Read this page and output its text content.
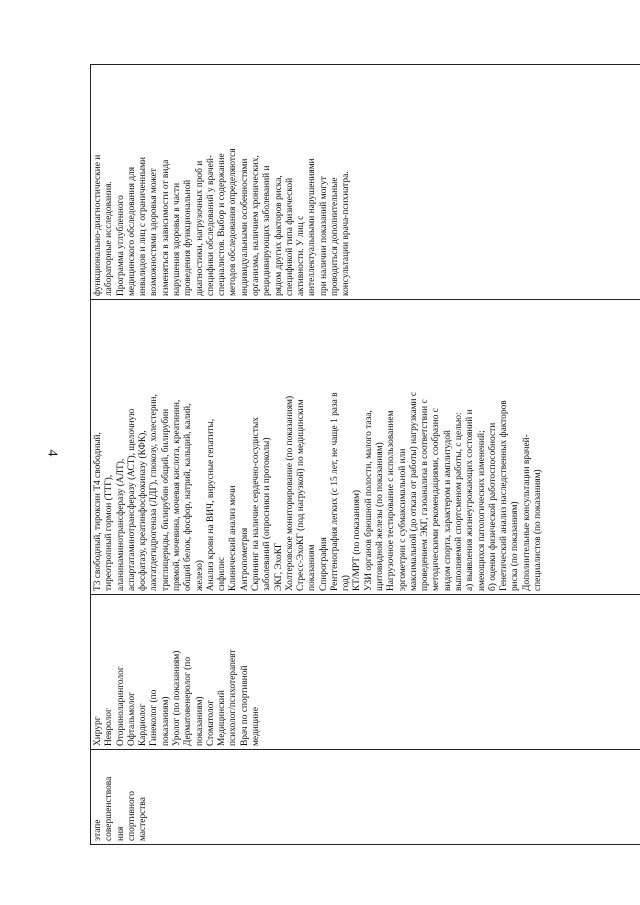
4
этапе совершенствова ния спортивного мастерства

Хирург Невролог Оториноларинголог Офтальмолог Кардиолог Гинеколог (по показаниям) Уролог (по показаниям) Дерматовенеролог (по показаниям) Стоматолог Медицинский психолог/психотерапевт Врач по спортивной медицине

Т3 свободный, тироксин Т4 свободный, тиреотропный гормон (ТТГ), аланинаминотрансферазу (АЛТ), аспартатаминотрансферазу (АСТ), щелочную фосфатазу, креатинфосфокиназу (КФК), лактатдегидрогеназа (ЛДГ), глюкозу, холестерин, триглицериды, билирубин общий, билирубин прямой, мочевина, мочевая кислота, креатинин, общий белок, фосфор, натрий, кальций, калий, железо) Анализ крови на ВИЧ, вирусные гепатиты, сифилис Клинический анализ мочи Антропометрия Скрининг на наличие сердечно-сосудистых заболеваний (опросники и протоколы) ЭКГ, ЭхоКГ Холтеровское мониторирование (по показаниям) Стресс-ЭхоКГ (под нагрузкой) по медицинским показаниям Спирография Рентгенография легких (с 15 лет, не чаще 1 раза в год) КТ/МРТ (по показаниям) УЗИ органов брюшной полости, малого таза, щитовидной железы (по показаниям) Нагрузочное тестирование с использованием эргометрии с субмаксимальной или максимальной (до отказа от работы) нагрузками с проведением ЭКГ, газоанализа в соответствии с методическими рекомендациями, сообразно с видом спорта, характером и амплитудой выполняемой спортсменом работы, с целью: а) выявления жизнеугрожающих состояний и имеющихся патологических изменений; б) оценки физической работоспособности Генетический анализ наследственных факторов риска (по показаниям) Дополнительные консультации врачей- специалистов (по показаниям)

функционально-диагностические и лабораторные исследования. Программа углубленного медицинского обследования для инвалидов и лиц с ограниченными возможностями здоровья может изменяться в зависимости от вида нарушения здоровья в части проведения функциональной диагностики, нагрузочных проб и специфики обследований у врачей- специалистов. Выбор и содержание методов обследования определяются индивидуальными особенностями организма, наличием хронических, рецидивирующих заболеваний и рядом других факторов риска, спецификой типа физической активности. У лиц с интеллектуальными нарушениями при наличии показаний могут проводиться дополнительные консультации врача-психиатра.
